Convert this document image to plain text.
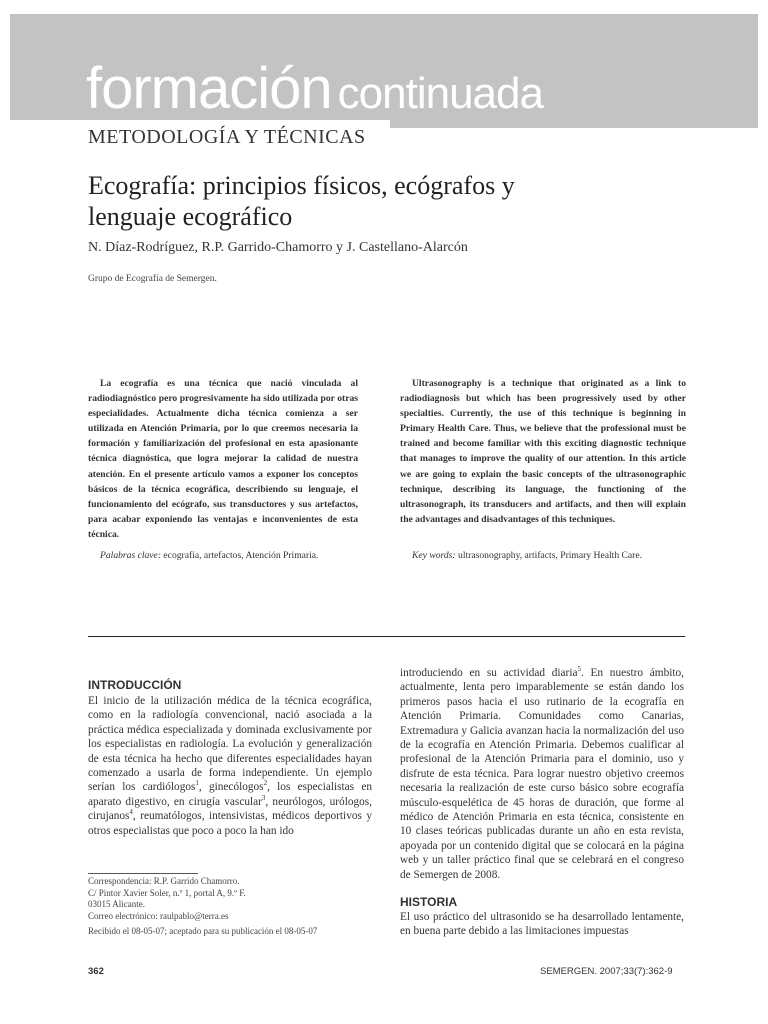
formación continuada
METODOLOGÍA Y TÉCNICAS
Ecografía: principios físicos, ecógrafos y
lenguaje ecográfico
N. Díaz-Rodríguez, R.P. Garrido-Chamorro y J. Castellano-Alarcón
Grupo de Ecografía de Semergen.

La ecografía es una técnica que nació vinculada al radiodiagnóstico pero progresivamente ha sido utilizada por otras especialidades. Actualmente dicha técnica comienza a ser utilizada en Atención Primaria, por lo que creemos necesaria la formación y familiarización del profesional en esta apasionante técnica diagnóstica, que logra mejorar la calidad de nuestra atención. En el presente artículo vamos a exponer los conceptos básicos de la técnica ecográfica, describiendo su lenguaje, el funcionamiento del ecógrafo, sus transductores y sus artefactos, para acabar exponiendo las ventajas e inconvenientes de esta técnica.

Palabras clave: ecografía, artefactos, Atención Primaria.

Ultrasonography is a technique that originated as a link to radiodiagnosis but which has been progressively used by other specialties. Currently, the use of this technique is beginning in Primary Health Care. Thus, we believe that the professional must be trained and become familiar with this exciting diagnostic technique that manages to improve the quality of our attention. In this article we are going to explain the basic concepts of the ultrasonographic technique, describing its language, the functioning of the ultrasonograph, its transducers and artifacts, and then will explain the advantages and disadvantages of this techniques.

Key words: ultrasonography, artifacts, Primary Health Care.
INTRODUCCIÓN

El inicio de la utilización médica de la técnica ecográfica, como en la radiología convencional, nació asociada a la práctica médica especializada y dominada exclusivamente por los especialistas en radiología. La evolución y generalización de esta técnica ha hecho que diferentes especialidades hayan comenzado a usarla de forma independiente. Un ejemplo serían los cardiólogos$^1$, ginecólogos$^2$, los especialistas en aparato digestivo, en cirugía vascular$^3$, neurólogos, urólogos, cirujanos$^4$, reumatólogos, intensivistas, médicos deportivos y otros especialistas que poco a poco la han ido

introduciendo en su actividad diaria$^5$. En nuestro ámbito, actualmente, lenta pero imparablemente se están dando los primeros pasos hacia el uso rutinario de la ecografía en Atención Primaria. Comunidades como Canarias, Extremadura y Galicia avanzan hacia la normalización del uso de la ecografía en Atención Primaria. Debemos cualificar al profesional de la Atención Primaria para el dominio, uso y disfrute de esta técnica. Para lograr nuestro objetivo creemos necesaria la realización de este curso básico sobre ecografía músculo-esquelética de 45 horas de duración, que forme al médico de Atención Primaria en esta técnica, consistente en 10 clases teóricas publicadas durante un año en esta revista, apoyada por un contenido digital que se colocará en la página web y un taller práctico final que se celebrará en el congreso de Semergen de 2008.

HISTORIA

El uso práctico del ultrasonido se ha desarrollado lentamente, en buena parte debido a las limitaciones impuestas

Correspondencia: R.P. Garrido Chamorro.
C/ Pintor Xavier Soler, n.º 1, portal A, 9.º F.
03015 Alicante.
Correo electrónico: raulpablo@terra.es
Recibido el 08-05-07; aceptado para su publicación el 08-05-07
362	SEMERGEN. 2007;33(7):362-9
